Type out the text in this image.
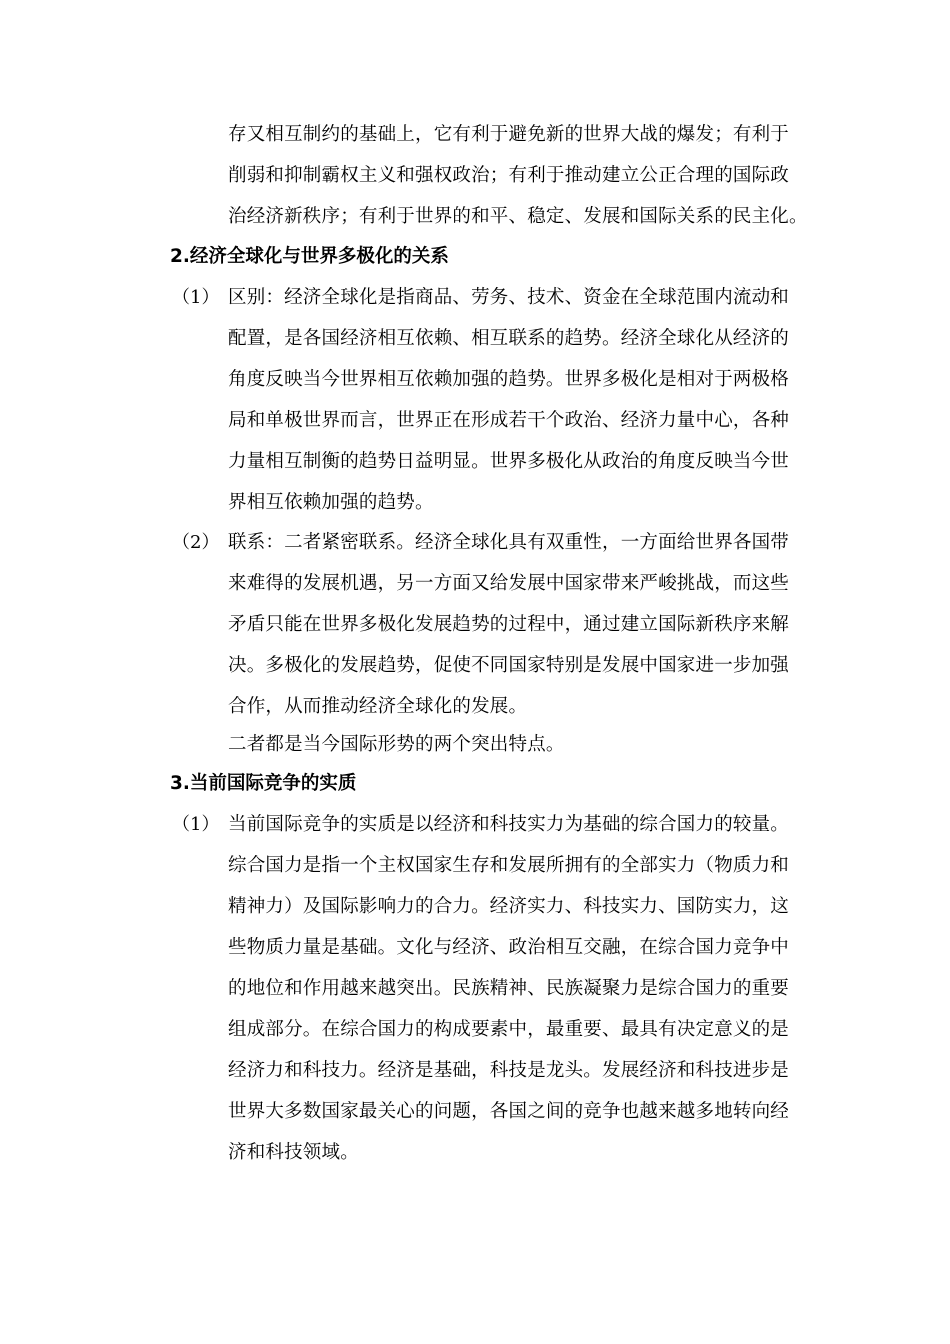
存又相互制约的基础上，它有利于避免新的世界大战的爆发；有利于
削弱和抑制霸权主义和强权政治；有利于推动建立公正合理的国际政
治经济新秩序；有利于世界的和平、稳定、发展和国际关系的民主化。
2.经济全球化与世界多极化的关系
（1） 区别：经济全球化是指商品、劳务、技术、资金在全球范围内流动和
配置，是各国经济相互依赖、相互联系的趋势。经济全球化从经济的
角度反映当今世界相互依赖加强的趋势。世界多极化是相对于两极格
局和单极世界而言，世界正在形成若干个政治、经济力量中心，各种
力量相互制衡的趋势日益明显。世界多极化从政治的角度反映当今世
界相互依赖加强的趋势。
（2） 联系：二者紧密联系。经济全球化具有双重性，一方面给世界各国带
来难得的发展机遇，另一方面又给发展中国家带来严峻挑战，而这些
矛盾只能在世界多极化发展趋势的过程中，通过建立国际新秩序来解
决。多极化的发展趋势，促使不同国家特别是发展中国家进一步加强
合作，从而推动经济全球化的发展。
二者都是当今国际形势的两个突出特点。
3.当前国际竞争的实质
（1） 当前国际竞争的实质是以经济和科技实力为基础的综合国力的较量。
综合国力是指一个主权国家生存和发展所拥有的全部实力（物质力和
精神力）及国际影响力的合力。经济实力、科技实力、国防实力，这
些物质力量是基础。文化与经济、政治相互交融，在综合国力竞争中
的地位和作用越来越突出。民族精神、民族凝聚力是综合国力的重要
组成部分。在综合国力的构成要素中，最重要、最具有决定意义的是
经济力和科技力。经济是基础，科技是龙头。发展经济和科技进步是
世界大多数国家最关心的问题，各国之间的竞争也越来越多地转向经
济和科技领域。
